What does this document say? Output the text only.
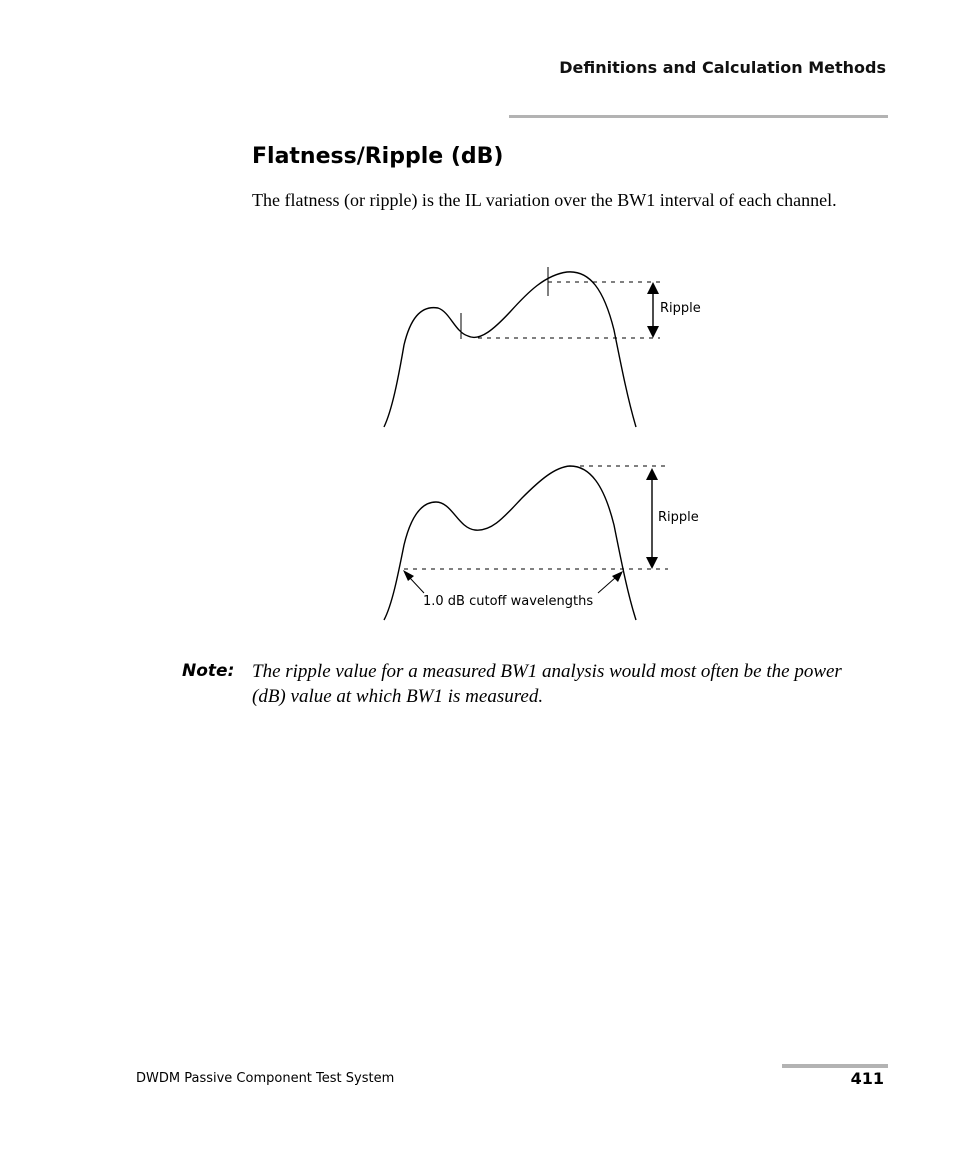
Definitions and Calculation Methods
Flatness/Ripple (dB)
The flatness (or ripple) is the IL variation over the BW1 interval of each channel.
Ripple
Ripple
1.0 dB cutoff wavelengths
Note: The ripple value for a measured BW1 analysis would most often be the power (dB) value at which BW1 is measured.
DWDM Passive Component Test System	411
